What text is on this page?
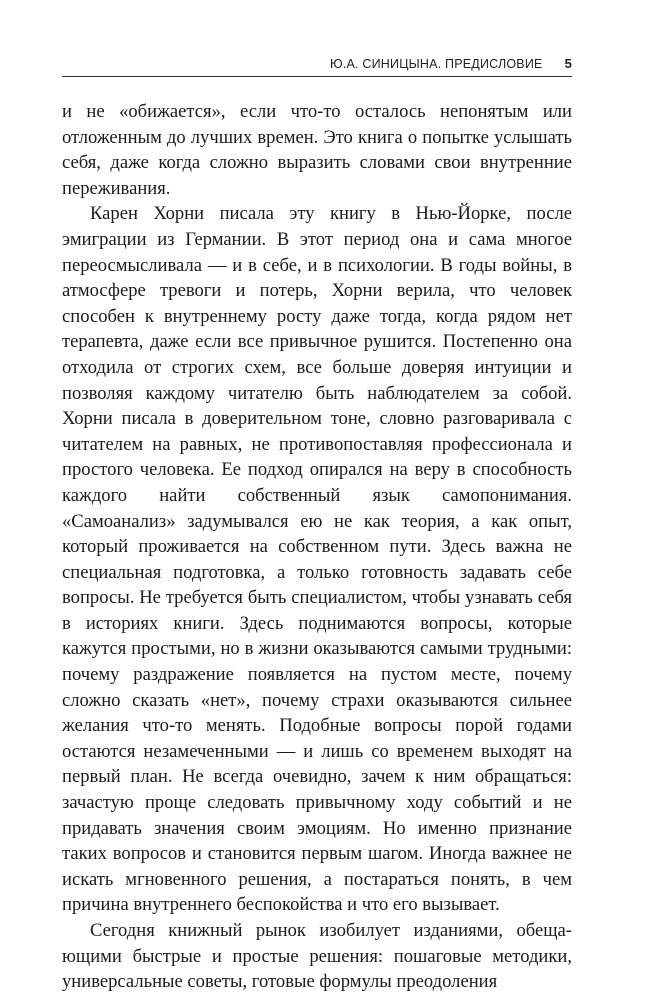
Ю.А. СИНИЦЫНА. ПРЕДИСЛОВИЕ 5

и не «обижается», если что-то осталось непонятым или отложенным до лучших времен. Это книга о попытке услышать себя, даже когда сложно выразить словами свои внутренние переживания.

Карен Хорни писала эту книгу в Нью-Йорке, после эмиграции из Германии. В этот период она и сама многое переосмысливала — и в себе, и в психологии. В годы войны, в атмосфере тревоги и потерь, Хорни верила, что человек способен к внутреннему росту даже тогда, когда рядом нет терапевта, даже если все привычное рушится. Постепенно она отходила от строгих схем, все больше доверяя интуиции и позволяя каждому читателю быть наблюдателем за собой. Хорни писала в доверительном тоне, словно разговаривала с читателем на равных, не противопоставляя профессионала и простого человека. Ее подход опирался на веру в способность каждого найти собственный язык самопонимания. «Самоанализ» задумывался ею не как теория, а как опыт, который проживается на собственном пути. Здесь важна не специальная подготовка, а только готовность задавать себе вопросы. Не требуется быть специалистом, чтобы узнавать себя в историях книги. Здесь поднимаются вопросы, которые кажутся простыми, но в жизни оказываются самыми трудными: почему раздражение появляется на пустом месте, почему сложно сказать «нет», почему страхи оказываются сильнее желания что-то менять. Подобные вопросы порой годами остаются незамеченными — и лишь со временем выходят на первый план. Не всегда очевидно, зачем к ним обращаться: зачастую проще следовать привычному ходу событий и не придавать значения своим эмоциям. Но именно признание таких вопросов и становится первым шагом. Иногда важнее не искать мгновенного решения, а постараться понять, в чем причина внутреннего беспокойства и что его вызывает.

Сегодня книжный рынок изобилует изданиями, обещающими быстрые и простые решения: пошаговые методики, универсальные советы, готовые формулы преодоления
